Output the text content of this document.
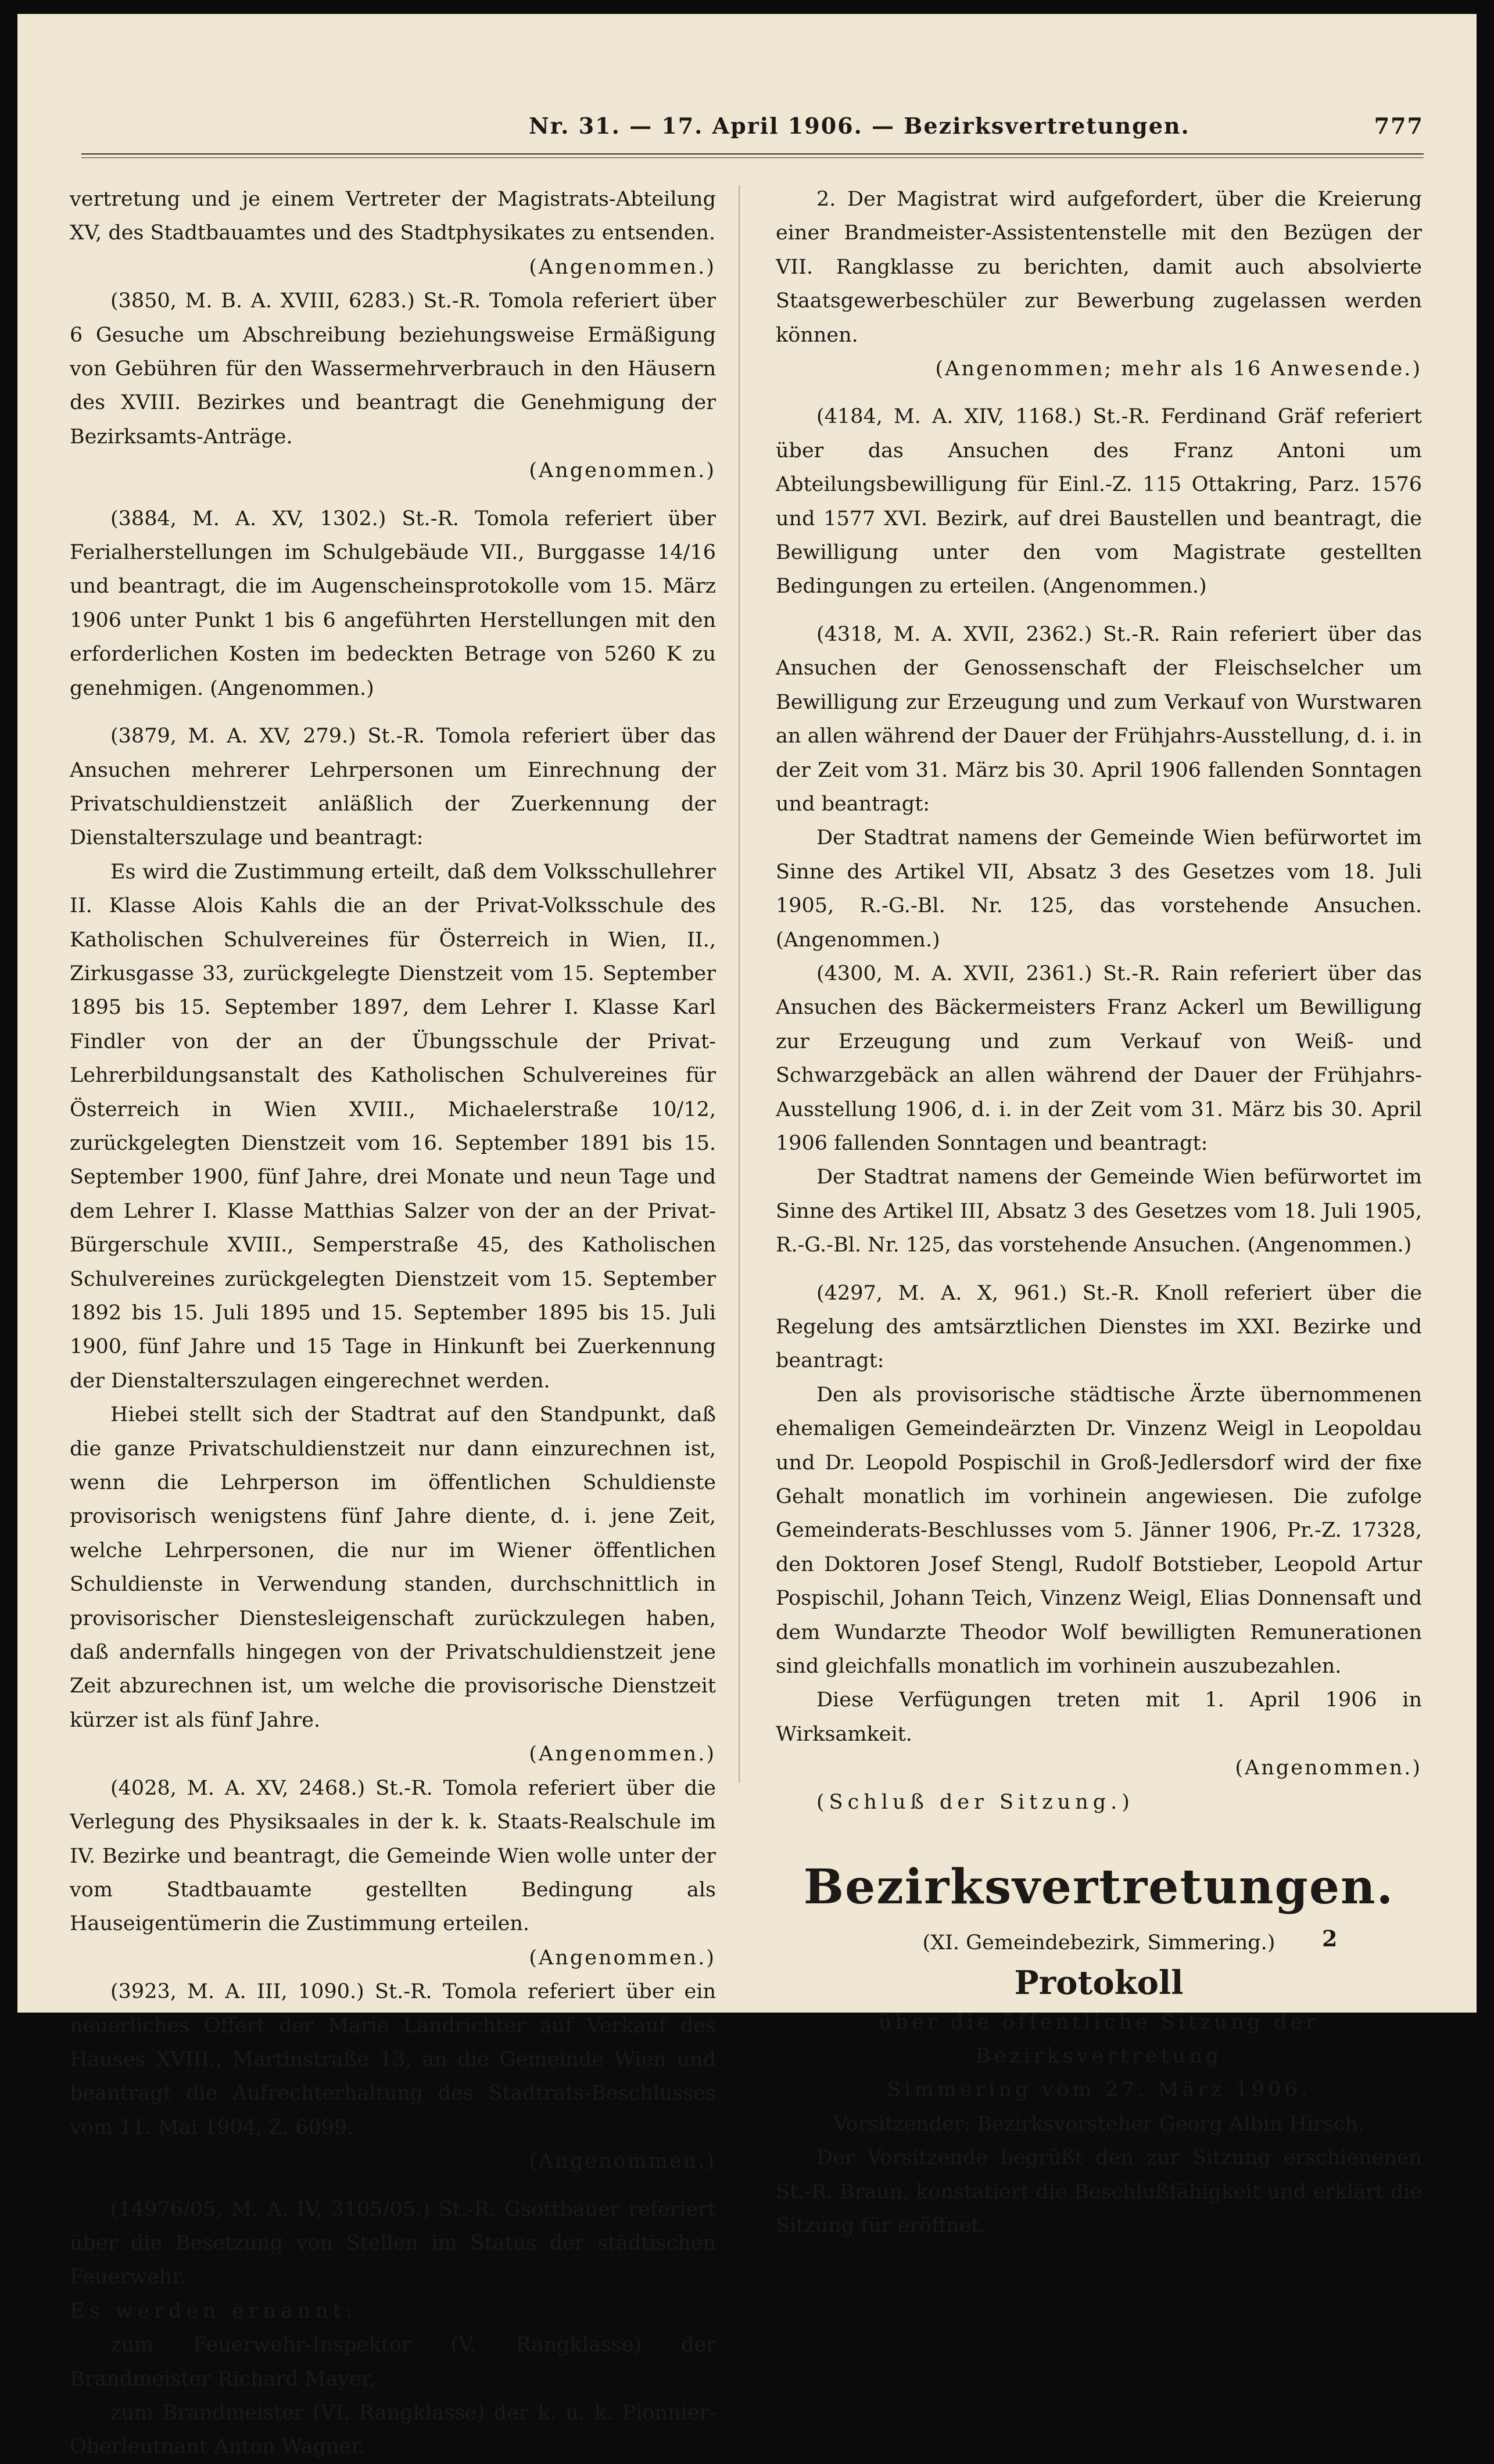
Nr. 31. — 17. April 1906. — Bezirksvertretungen.	777

vertretung und je einem Vertreter der Magistrats-Abteilung XV, des Stadtbauamtes und des Stadtphysikates zu entsenden.

(Angenommen.)

(3850, M. B. A. XVIII, 6283.) St.-R. Tomola referiert über 6 Gesuche um Abschreibung beziehungsweise Ermäßigung von Gebühren für den Wassermehrverbrauch in den Häusern des XVIII. Bezirkes und beantragt die Genehmigung der Bezirksamts-Anträge.

(Angenommen.)

(3884, M. A. XV, 1302.) St.-R. Tomola referiert über Ferialherstellungen im Schulgebäude VII., Burggasse 14/16 und beantragt, die im Augenscheinsprotokolle vom 15. März 1906 unter Punkt 1 bis 6 angeführten Herstellungen mit den erforderlichen Kosten im bedeckten Betrage von 5260 K zu genehmigen. (Angenommen.)

(3879, M. A. XV, 279.) St.-R. Tomola referiert über das Ansuchen mehrerer Lehrpersonen um Einrechnung der Privatschuldienstzeit anläßlich der Zuerkennung der Dienstalterszulage und beantragt:

Es wird die Zustimmung erteilt, daß dem Volksschullehrer II. Klasse Alois Kahls die an der Privat-Volksschule des Katholischen Schulvereines für Österreich in Wien, II., Zirkusgasse 33, zurückgelegte Dienstzeit vom 15. September 1895 bis 15. September 1897, dem Lehrer I. Klasse Karl Findler von der an der Übungsschule der Privat-Lehrerbildungsanstalt des Katholischen Schulvereines für Österreich in Wien XVIII., Michaelerstraße 10/12, zurückgelegten Dienstzeit vom 16. September 1891 bis 15. September 1900, fünf Jahre, drei Monate und neun Tage und dem Lehrer I. Klasse Matthias Salzer von der an der Privat-Bürgerschule XVIII., Semperstraße 45, des Katholischen Schulvereines zurückgelegten Dienstzeit vom 15. September 1892 bis 15. Juli 1895 und 15. September 1895 bis 15. Juli 1900, fünf Jahre und 15 Tage in Hinkunft bei Zuerkennung der Dienstalterszulagen eingerechnet werden.

Hiebei stellt sich der Stadtrat auf den Standpunkt, daß die ganze Privatschuldienstzeit nur dann einzurechnen ist, wenn die Lehrperson im öffentlichen Schuldienste provisorisch wenigstens fünf Jahre diente, d. i. jene Zeit, welche Lehrpersonen, die nur im Wiener öffentlichen Schuldienste in Verwendung standen, durchschnittlich in provisorischer Dienstesleigenschaft zurückzulegen haben, daß andernfalls hingegen von der Privatschuldienstzeit jene Zeit abzurechnen ist, um welche die provisorische Dienstzeit kürzer ist als fünf Jahre.

(Angenommen.)

(4028, M. A. XV, 2468.) St.-R. Tomola referiert über die Verlegung des Physiksaales in der k. k. Staats-Realschule im IV. Bezirke und beantragt, die Gemeinde Wien wolle unter der vom Stadtbauamte gestellten Bedingung als Hauseigentümerin die Zustimmung erteilen.

(Angenommen.)

(3923, M. A. III, 1090.) St.-R. Tomola referiert über ein neuerliches Offert der Marie Landrichter auf Verkauf des Hauses XVIII., Martinstraße 13, an die Gemeinde Wien und beantragt die Aufrechterhaltung des Stadtrats-Beschlusses vom 11. Mai 1904, Z. 6099.

(Angenommen.)

(14976/05, M. A. IV, 3105/05.) St.-R. Gsottbauer referiert über die Besetzung von Stellen im Status der städtischen Feuerwehr.

Es werden ernannt:

zum Feuerwehr-Inspektor (V. Rangklasse) der Brandmeister Richard Mayer,

zum Brandmeister (VI. Rangklasse) der k. u. k. Pionnier-Oberleutnant Anton Wagner.

2. Der Magistrat wird aufgefordert, über die Kreierung einer Brandmeister-Assistentenstelle mit den Bezügen der VII. Rangklasse zu berichten, damit auch absolvierte Staatsgewerbeschüler zur Bewerbung zugelassen werden können.

(Angenommen; mehr als 16 Anwesende.)

(4184, M. A. XIV, 1168.) St.-R. Ferdinand Gräf referiert über das Ansuchen des Franz Antoni um Abteilungsbewilligung für Einl.-Z. 115 Ottakring, Parz. 1576 und 1577 XVI. Bezirk, auf drei Baustellen und beantragt, die Bewilligung unter den vom Magistrate gestellten Bedingungen zu erteilen. (Angenommen.)

(4318, M. A. XVII, 2362.) St.-R. Rain referiert über das Ansuchen der Genossenschaft der Fleischselcher um Bewilligung zur Erzeugung und zum Verkauf von Wurstwaren an allen während der Dauer der Frühjahrs-Ausstellung, d. i. in der Zeit vom 31. März bis 30. April 1906 fallenden Sonntagen und beantragt:

Der Stadtrat namens der Gemeinde Wien befürwortet im Sinne des Artikel VII, Absatz 3 des Gesetzes vom 18. Juli 1905, R.-G.-Bl. Nr. 125, das vorstehende Ansuchen. (Angenommen.)

(4300, M. A. XVII, 2361.) St.-R. Rain referiert über das Ansuchen des Bäckermeisters Franz Ackerl um Bewilligung zur Erzeugung und zum Verkauf von Weiß- und Schwarzgebäck an allen während der Dauer der Frühjahrs-Ausstellung 1906, d. i. in der Zeit vom 31. März bis 30. April 1906 fallenden Sonntagen und beantragt:

Der Stadtrat namens der Gemeinde Wien befürwortet im Sinne des Artikel III, Absatz 3 des Gesetzes vom 18. Juli 1905, R.-G.-Bl. Nr. 125, das vorstehende Ansuchen. (Angenommen.)

(4297, M. A. X, 961.) St.-R. Knoll referiert über die Regelung des amtsärztlichen Dienstes im XXI. Bezirke und beantragt:

Den als provisorische städtische Ärzte übernommenen ehemaligen Gemeindeärzten Dr. Vinzenz Weigl in Leopoldau und Dr. Leopold Pospischil in Groß-Jedlersdorf wird der fixe Gehalt monatlich im vorhinein angewiesen. Die zufolge Gemeinderats-Beschlusses vom 5. Jänner 1906, Pr.-Z. 17328, den Doktoren Josef Stengl, Rudolf Botstieber, Leopold Artur Pospischil, Johann Teich, Vinzenz Weigl, Elias Donnensaft und dem Wundarzte Theodor Wolf bewilligten Remunerationen sind gleichfalls monatlich im vorhinein auszubezahlen.

Diese Verfügungen treten mit 1. April 1906 in Wirksamkeit.

(Angenommen.)

(Schluß der Sitzung.)

Bezirksvertretungen.

(XI. Gemeindebezirk, Simmering.)

Protokoll

über die öffentliche Sitzung der Bezirksvertretung

Simmering vom 27. März 1906.

Vorsitzender: Bezirksvorsteher Georg Albin Hirsch.

Der Vorsitzende begrüßt den zur Sitzung erschienenen St.-R. Braun, konstatiert die Beschlußfähigkeit und erklärt die Sitzung für eröffnet.

2
